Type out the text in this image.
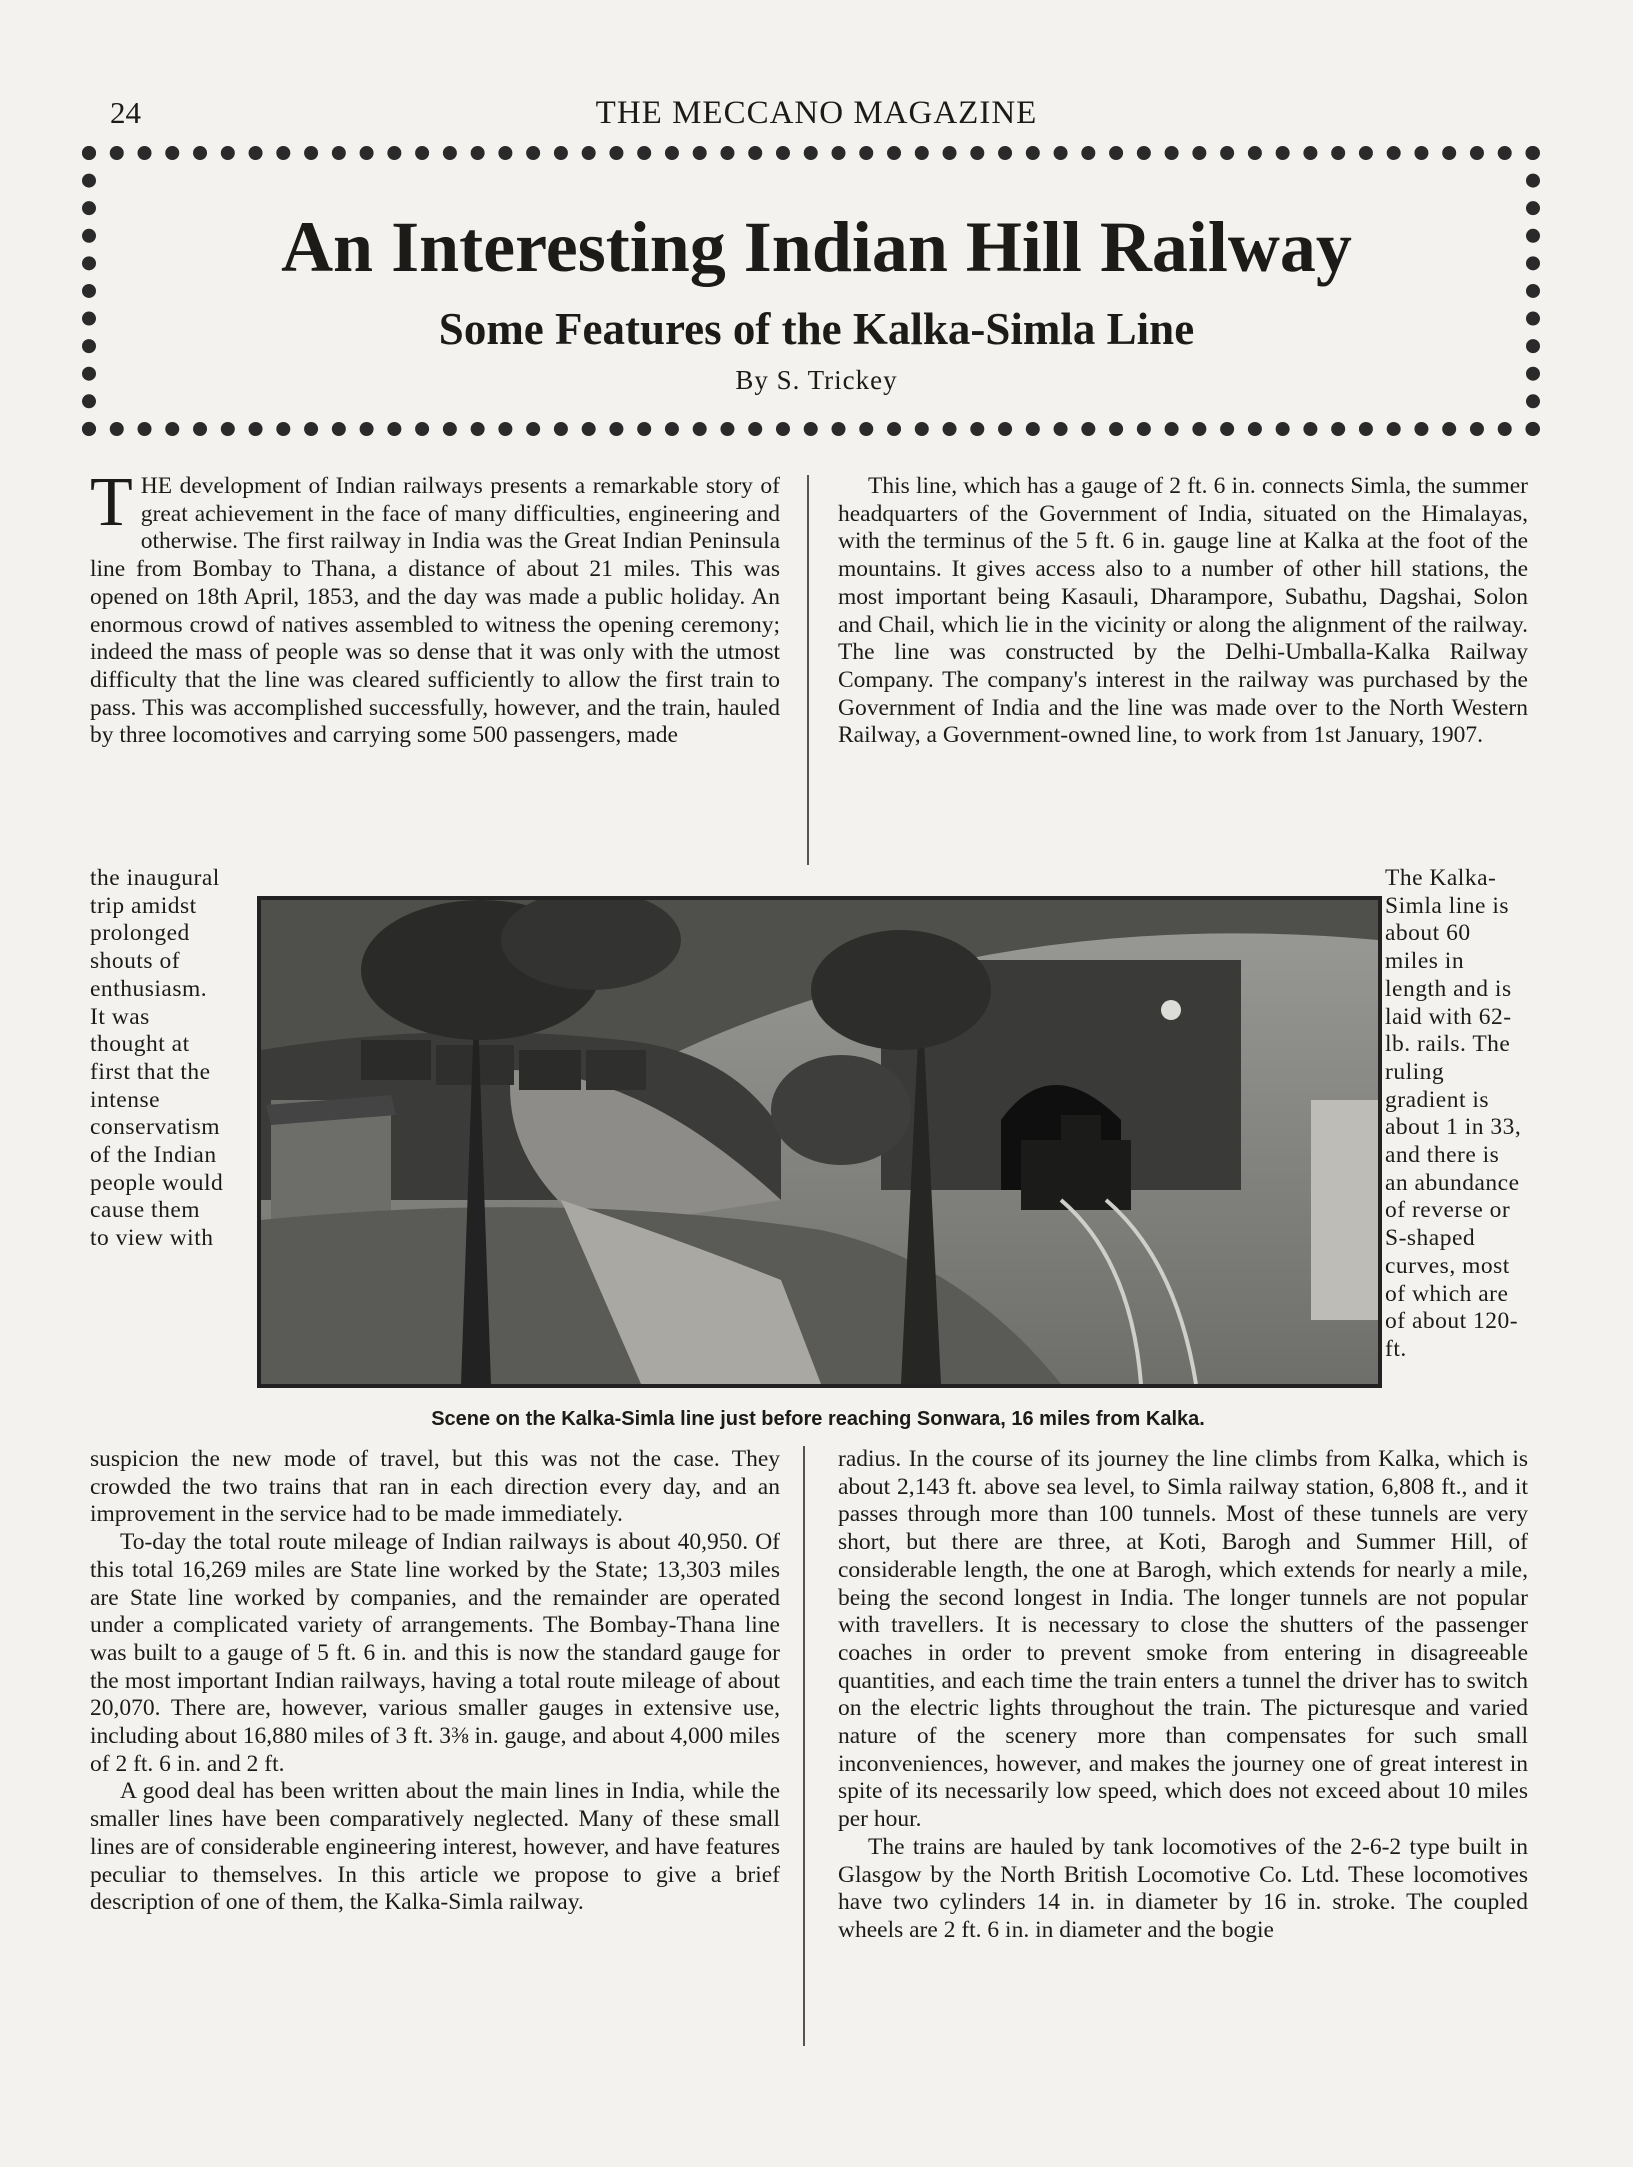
24	THE MECCANO MAGAZINE
An Interesting Indian Hill Railway
Some Features of the Kalka-Simla Line
By S. Trickey

THE development of Indian railways presents a remarkable story of great achievement in the face of many difficulties, engineering and otherwise. The first railway in India was the Great Indian Peninsula line from Bombay to Thana, a distance of about 21 miles. This was opened on 18th April, 1853, and the day was made a public holiday. An enormous crowd of natives assembled to witness the opening ceremony; indeed the mass of people was so dense that it was only with the utmost difficulty that the line was cleared sufficiently to allow the first train to pass. This was accomplished successfully, however, and the train, hauled by three locomotives and carrying some 500 passengers, made

This line, which has a gauge of 2 ft. 6 in. connects Simla, the summer headquarters of the Government of India, situated on the Himalayas, with the terminus of the 5 ft. 6 in. gauge line at Kalka at the foot of the mountains. It gives access also to a number of other hill stations, the most important being Kasauli, Dharampore, Subathu, Dagshai, Solon and Chail, which lie in the vicinity or along the alignment of the railway. The line was constructed by the Delhi-Umballa-Kalka Railway Company. The company's interest in the railway was purchased by the Government of India and the line was made over to the North Western Railway, a Government-owned line, to work from 1st January, 1907.

the inaugural trip amidst prolonged shouts of enthusiasm. It was thought at first that the intense conservatism of the Indian people would cause them to view with

The Kalka-Simla line is about 60 miles in length and is laid with 62-lb. rails. The ruling gradient is about 1 in 33, and there is an abundance of reverse or S-shaped curves, most of which are of about 120-ft.

Scene on the Kalka-Simla line just before reaching Sonwara, 16 miles from Kalka.

suspicion the new mode of travel, but this was not the case. They crowded the two trains that ran in each direction every day, and an improvement in the service had to be made immediately.

To-day the total route mileage of Indian railways is about 40,950. Of this total 16,269 miles are State line worked by the State; 13,303 miles are State line worked by companies, and the remainder are operated under a complicated variety of arrangements. The Bombay-Thana line was built to a gauge of 5 ft. 6 in. and this is now the standard gauge for the most important Indian railways, having a total route mileage of about 20,070. There are, however, various smaller gauges in extensive use, including about 16,880 miles of 3 ft. 3⅜ in. gauge, and about 4,000 miles of 2 ft. 6 in. and 2 ft.

A good deal has been written about the main lines in India, while the smaller lines have been comparatively neglected. Many of these small lines are of considerable engineering interest, however, and have features peculiar to themselves. In this article we propose to give a brief description of one of them, the Kalka-Simla railway.

radius. In the course of its journey the line climbs from Kalka, which is about 2,143 ft. above sea level, to Simla railway station, 6,808 ft., and it passes through more than 100 tunnels. Most of these tunnels are very short, but there are three, at Koti, Barogh and Summer Hill, of considerable length, the one at Barogh, which extends for nearly a mile, being the second longest in India. The longer tunnels are not popular with travellers. It is necessary to close the shutters of the passenger coaches in order to prevent smoke from entering in disagreeable quantities, and each time the train enters a tunnel the driver has to switch on the electric lights throughout the train. The picturesque and varied nature of the scenery more than compensates for such small inconveniences, however, and makes the journey one of great interest in spite of its necessarily low speed, which does not exceed about 10 miles per hour.

The trains are hauled by tank locomotives of the 2-6-2 type built in Glasgow by the North British Locomotive Co. Ltd. These locomotives have two cylinders 14 in. in diameter by 16 in. stroke. The coupled wheels are 2 ft. 6 in. in diameter and the bogie
